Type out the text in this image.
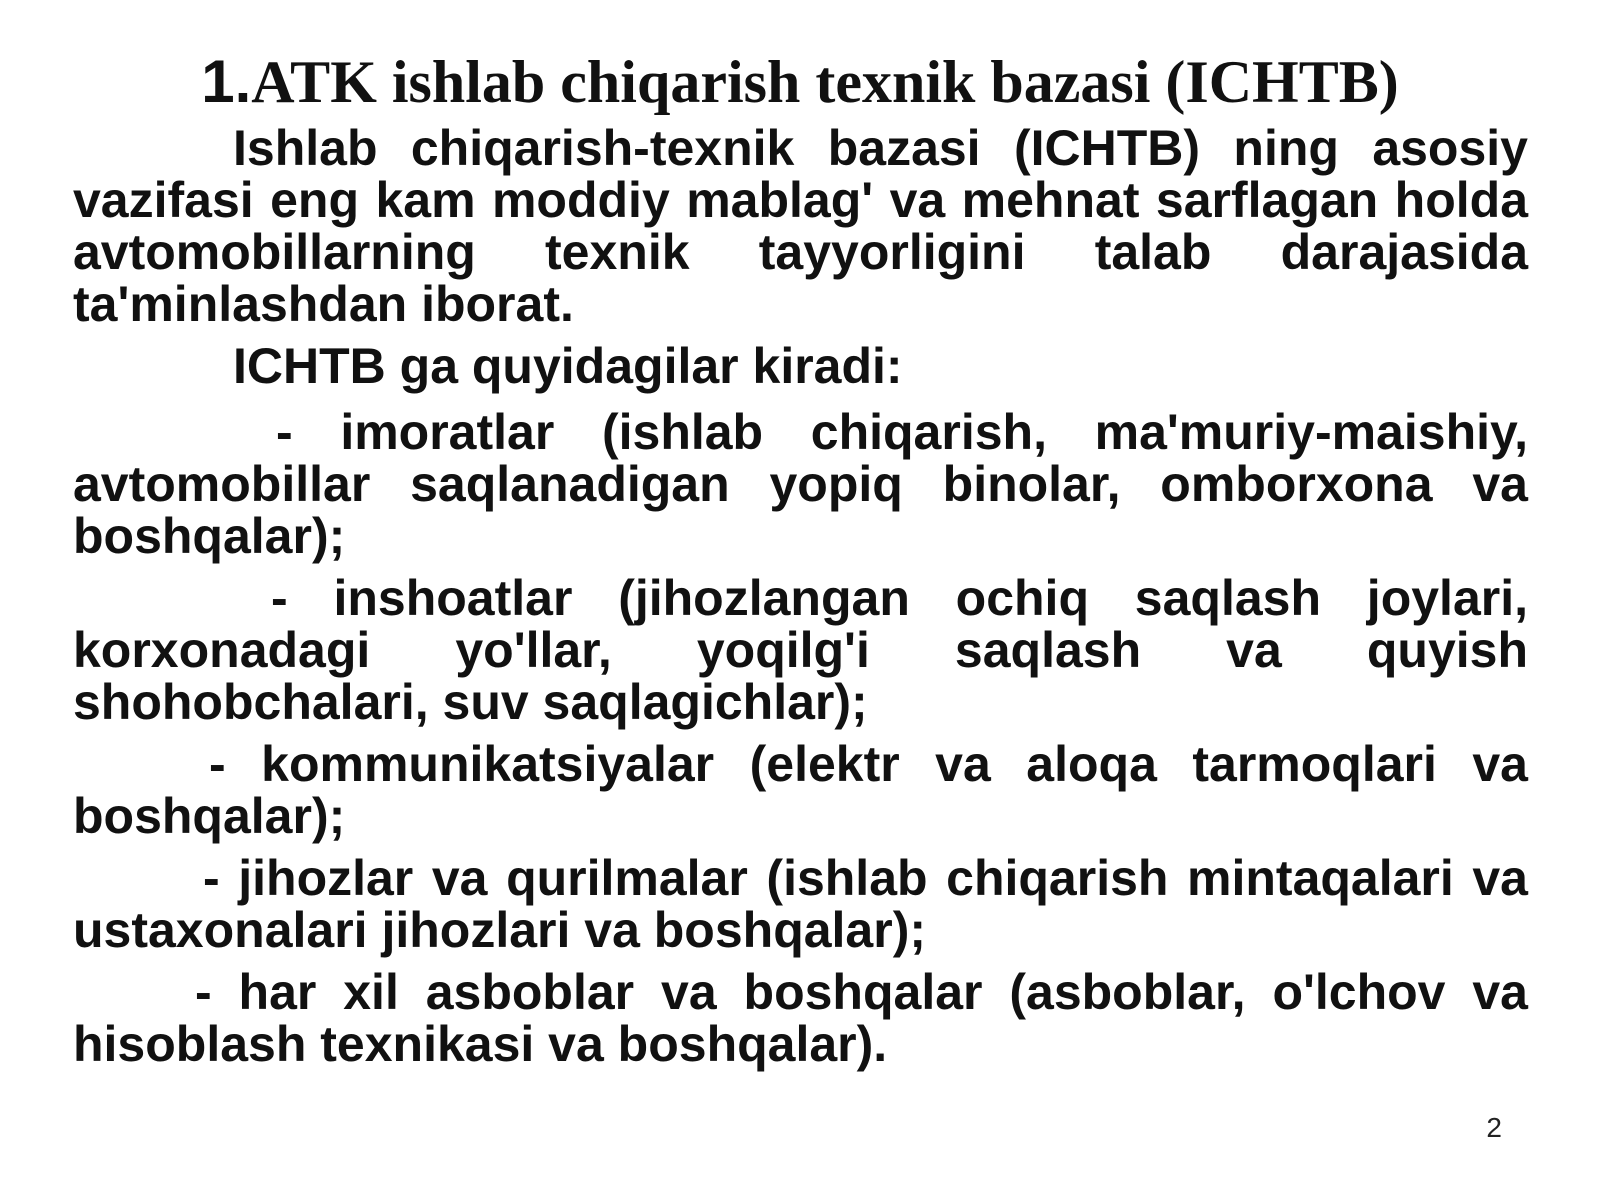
1.ATK ishlab chiqarish texnik bazasi (ICHTB)

Ishlab chiqarish-texnik bazasi (ICHTB) ning asosiy vazifasi eng kam moddiy mablag' va mehnat sarflagan holda avtomobillarning texnik tayyorligini talab darajasida ta'minlashdan iborat.

ICHTB ga quyidagilar kiradi:

- imoratlar (ishlab chiqarish, ma'muriy-maishiy, avtomobillar saqlanadigan yopiq binolar, omborxona va boshqalar);

- inshoatlar (jihozlangan ochiq saqlash joylari, korxonadagi yo'llar, yoqilg'i saqlash va quyish shohobchalari, suv saqlagichlar);

- kommunikatsiyalar (elektr va aloqa tarmoqlari va boshqalar);

- jihozlar va qurilmalar (ishlab chiqarish mintaqalari va ustaxonalari jihozlari va boshqalar);

- har xil asboblar va boshqalar (asboblar, o'lchov va hisoblash texnikasi va boshqalar).

2
